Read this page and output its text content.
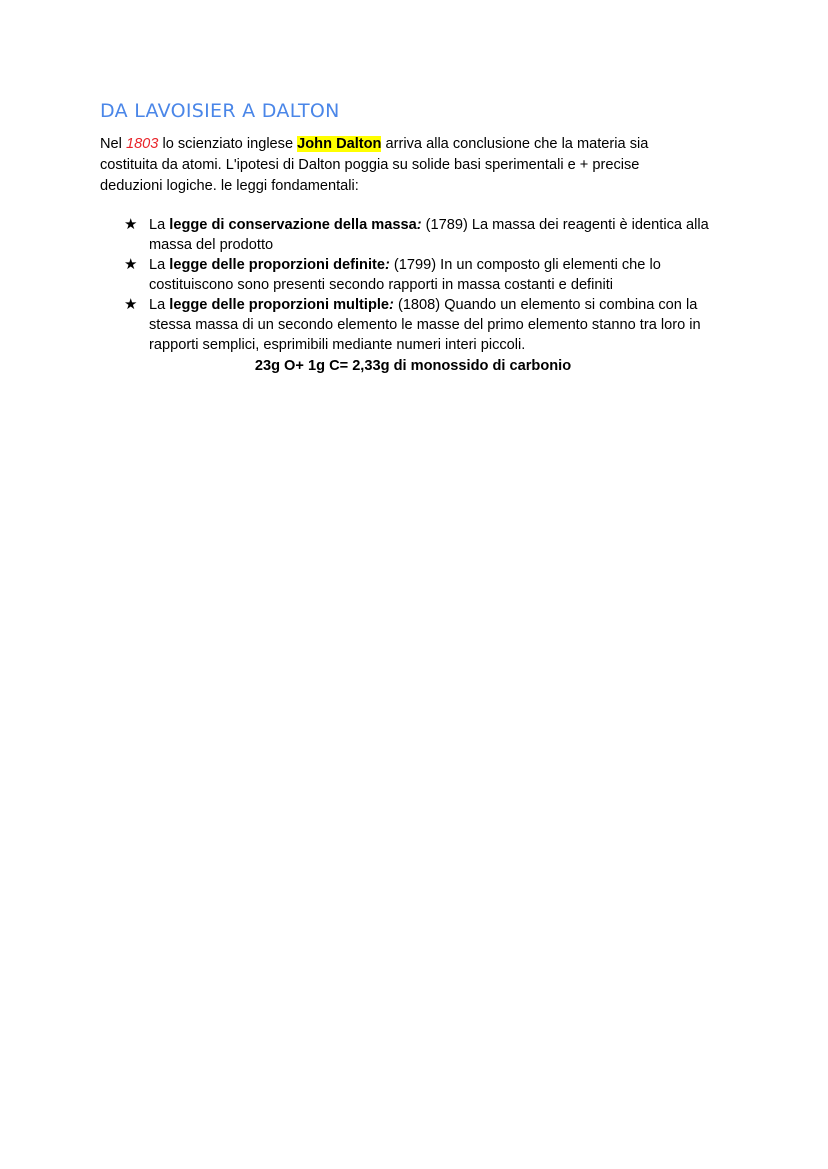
DA LAVOISIER A DALTON

Nel 1803 lo scienziato inglese John Dalton arriva alla conclusione che la materia sia costituita da atomi. L'ipotesi di Dalton poggia su solide basi sperimentali e + precise deduzioni logiche. le leggi fondamentali:

★ La legge di conservazione della massa: (1789) La massa dei reagenti è identica alla massa del prodotto
★ La legge delle proporzioni definite: (1799) In un composto gli elementi che lo costituiscono sono presenti secondo rapporti in massa costanti e definiti
★ La legge delle proporzioni multiple: (1808) Quando un elemento si combina con la stessa massa di un secondo elemento le masse del primo elemento stanno tra loro in rapporti semplici, esprimibili mediante numeri interi piccoli.

23g O+ 1g C= 2,33g di monossido di carbonio
